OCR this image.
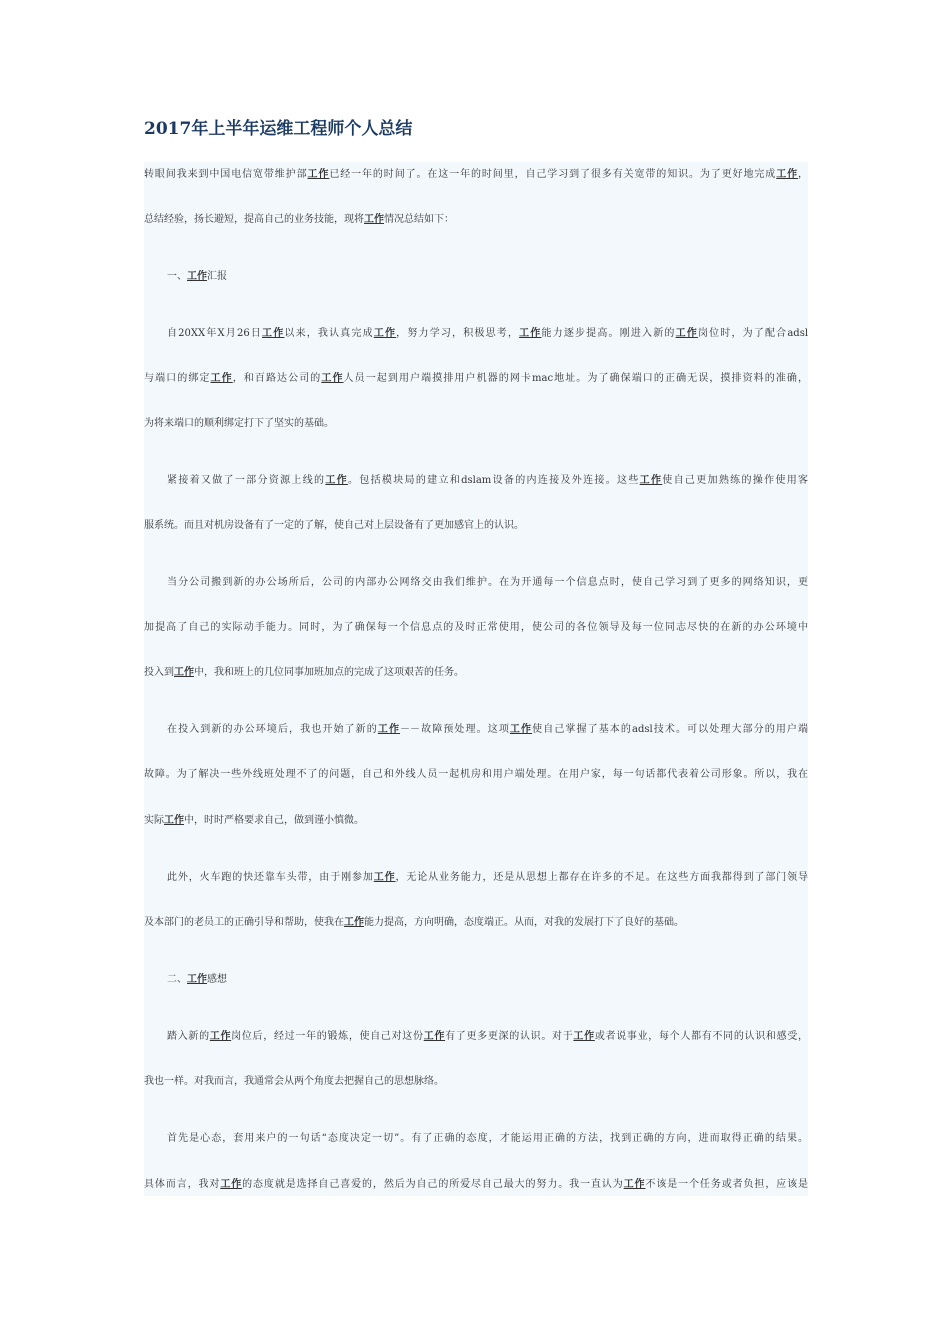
2017年上半年运维工程师个人总结
转眼间我来到中国电信宽带维护部工作已经一年的时间了。在这一年的时间里，自己学习到了很多有关宽带的知识。为了更好地完成工作，
总结经验，扬长避短，提高自己的业务技能，现将工作情况总结如下：
一、工作汇报
自20XX年X月26日工作以来，我认真完成工作，努力学习，积极思考，工作能力逐步提高。刚进入新的工作岗位时，为了配合adsl
与端口的绑定工作，和百路达公司的工作人员一起到用户端摸排用户机器的网卡mac地址。为了确保端口的正确无误，摸排资料的准确，
为将来端口的顺利绑定打下了坚实的基础。
紧接着又做了一部分资源上线的工作。包括模块局的建立和dslam设备的内连接及外连接。这些工作使自己更加熟练的操作使用客
服系统。而且对机房设备有了一定的了解，使自己对上层设备有了更加感官上的认识。
当分公司搬到新的办公场所后，公司的内部办公网络交由我们维护。在为开通每一个信息点时，使自己学习到了更多的网络知识，更
加提高了自己的实际动手能力。同时，为了确保每一个信息点的及时正常使用，使公司的各位领导及每一位同志尽快的在新的办公环境中
投入到工作中，我和班上的几位同事加班加点的完成了这项艰苦的任务。
在投入到新的办公环境后，我也开始了新的工作－－故障预处理。这项工作使自己掌握了基本的adsl技术。可以处理大部分的用户端
故障。为了解决一些外线班处理不了的问题，自己和外线人员一起机房和用户端处理。在用户家，每一句话都代表着公司形象。所以，我在
实际工作中，时时严格要求自己，做到谨小慎微。
此外，火车跑的快还靠车头带，由于刚参加工作，无论从业务能力，还是从思想上都存在许多的不足。在这些方面我都得到了部门领导
及本部门的老员工的正确引导和帮助，使我在工作能力提高，方向明确，态度端正。从而，对我的发展打下了良好的基础。
二、工作感想
踏入新的工作岗位后，经过一年的锻炼，使自己对这份工作有了更多更深的认识。对于工作或者说事业，每个人都有不同的认识和感受，
我也一样。对我而言，我通常会从两个角度去把握自己的思想脉络。
首先是心态，套用来户的一句话“态度决定一切”。有了正确的态度，才能运用正确的方法，找到正确的方向，进而取得正确的结果。
具体而言，我对工作的态度就是选择自己喜爱的，然后为自己的所爱尽自己最大的努力。我一直认为工作不该是一个任务或者负担，应该是
